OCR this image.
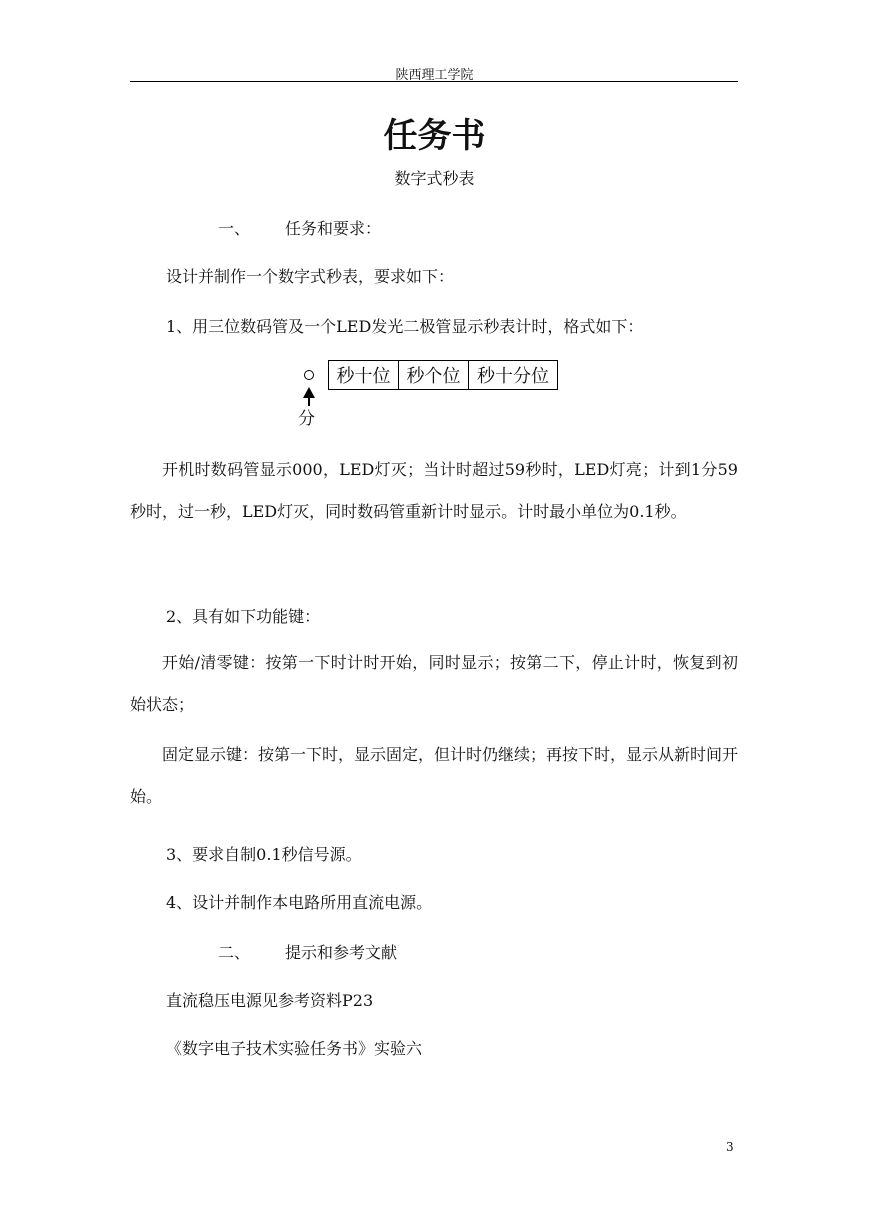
陕西理工学院
任务书
数字式秒表
一、 任务和要求：
设计并制作一个数字式秒表，要求如下：
1、用三位数码管及一个LED发光二极管显示秒表计时，格式如下：
分
秒十位 秒个位 秒十分位
开机时数码管显示000，LED灯灭；当计时超过59秒时，LED灯亮；计到1分59秒时，过一秒，LED灯灭，同时数码管重新计时显示。计时最小单位为0.1秒。
2、具有如下功能键：
开始/清零键：按第一下时计时开始，同时显示；按第二下，停止计时，恢复到初始状态；
固定显示键：按第一下时，显示固定，但计时仍继续；再按下时，显示从新时间开始。
3、要求自制0.1秒信号源。
4、设计并制作本电路所用直流电源。
二、 提示和参考文献
直流稳压电源见参考资料P23
《数字电子技术实验任务书》实验六
3
